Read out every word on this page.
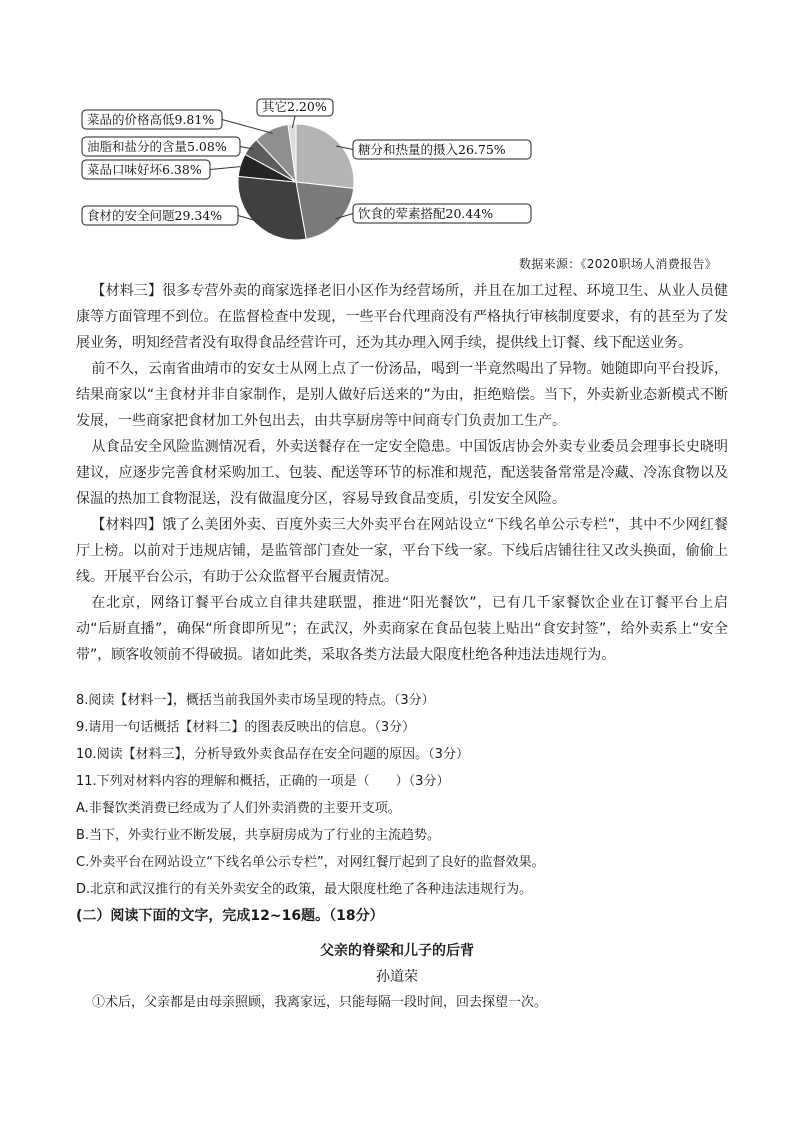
糖分和热量的摄入26.75%
饮食的荤素搭配20.44%
食材的安全问题29.34%
菜品口味好坏6.38%
油脂和盐分的含量5.08%
菜品的价格高低9.81%
其它2.20%
数据来源：《2020职场人消费报告》

【材料三】很多专营外卖的商家选择老旧小区作为经营场所，并且在加工过程、环境卫生、从业人员健康等方面管理不到位。在监督检查中发现，一些平台代理商没有严格执行审核制度要求，有的甚至为了发展业务，明知经营者没有取得食品经营许可，还为其办理入网手续，提供线上订餐、线下配送业务。

前不久，云南省曲靖市的安女士从网上点了一份汤品，喝到一半竟然喝出了异物。她随即向平台投诉，结果商家以“主食材并非自家制作，是别人做好后送来的”为由，拒绝赔偿。当下，外卖新业态新模式不断发展，一些商家把食材加工外包出去，由共享厨房等中间商专门负责加工生产。

从食品安全风险监测情况看，外卖送餐存在一定安全隐患。中国饭店协会外卖专业委员会理事长史晓明建议，应逐步完善食材采购加工、包装、配送等环节的标准和规范，配送装备常常是冷藏、冷冻食物以及保温的热加工食物混送，没有做温度分区，容易导致食品变质，引发安全风险。

【材料四】饿了么美团外卖、百度外卖三大外卖平台在网站设立“下线名单公示专栏”，其中不少网红餐厅上榜。以前对于违规店铺，是监管部门查处一家，平台下线一家。下线后店铺往往又改头换面，偷偷上线。开展平台公示，有助于公众监督平台履责情况。

在北京，网络订餐平台成立自律共建联盟，推进“阳光餐饮”，已有几千家餐饮企业在订餐平台上启动“后厨直播”，确保“所食即所见”；在武汉，外卖商家在食品包装上贴出“食安封签”，给外卖系上“安全带”，顾客收领前不得破损。诸如此类，采取各类方法最大限度杜绝各种违法违规行为。

8.阅读【材料一】，概括当前我国外卖市场呈现的特点。（3分）

9.请用一句话概括【材料二】的图表反映出的信息。（3分）

10.阅读【材料三】，分析导致外卖食品存在安全问题的原因。（3分）

11.下列对材料内容的理解和概括，正确的一项是（　　）（3分）

A.非餐饮类消费已经成为了人们外卖消费的主要开支项。

B.当下，外卖行业不断发展，共享厨房成为了行业的主流趋势。

C.外卖平台在网站设立“下线名单公示专栏”，对网红餐厅起到了良好的监督效果。

D.北京和武汉推行的有关外卖安全的政策，最大限度杜绝了各种违法违规行为。

(二）阅读下面的文字，完成12~16题。（18分）

父亲的脊梁和儿子的后背

孙道荣

①术后，父亲都是由母亲照顾，我离家远，只能每隔一段时间，回去探望一次。
